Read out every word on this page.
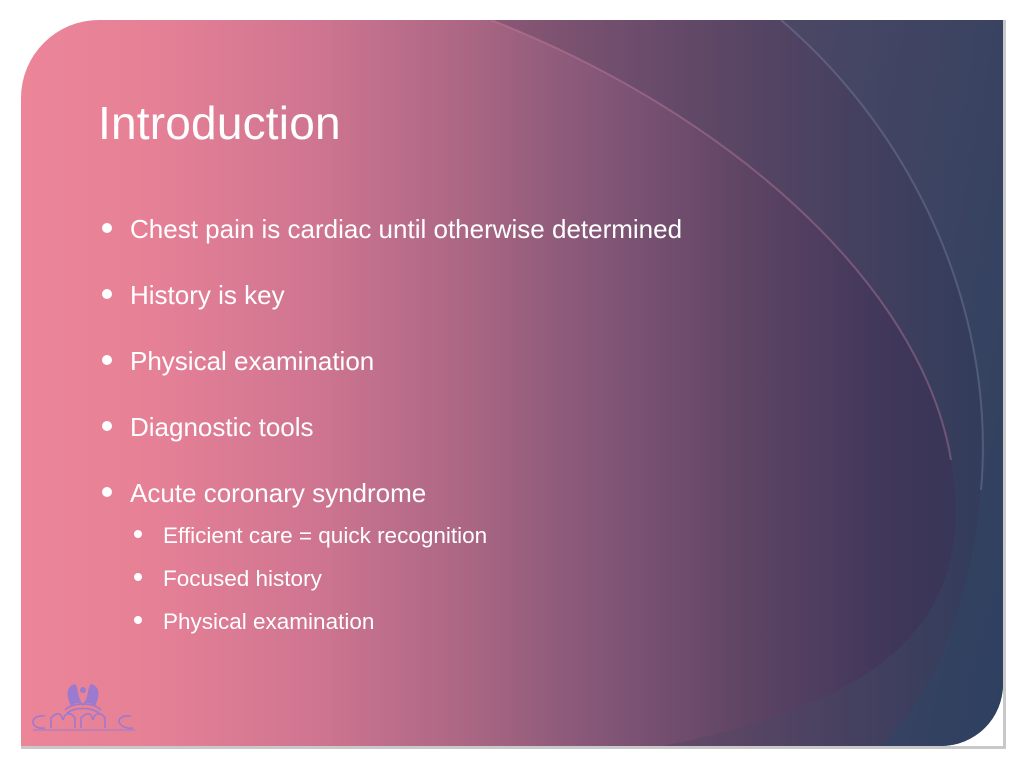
Introduction
Chest pain is cardiac until otherwise determined
History is key
Physical examination
Diagnostic tools
Acute coronary syndrome
Efficient care = quick recognition
Focused history
Physical examination
